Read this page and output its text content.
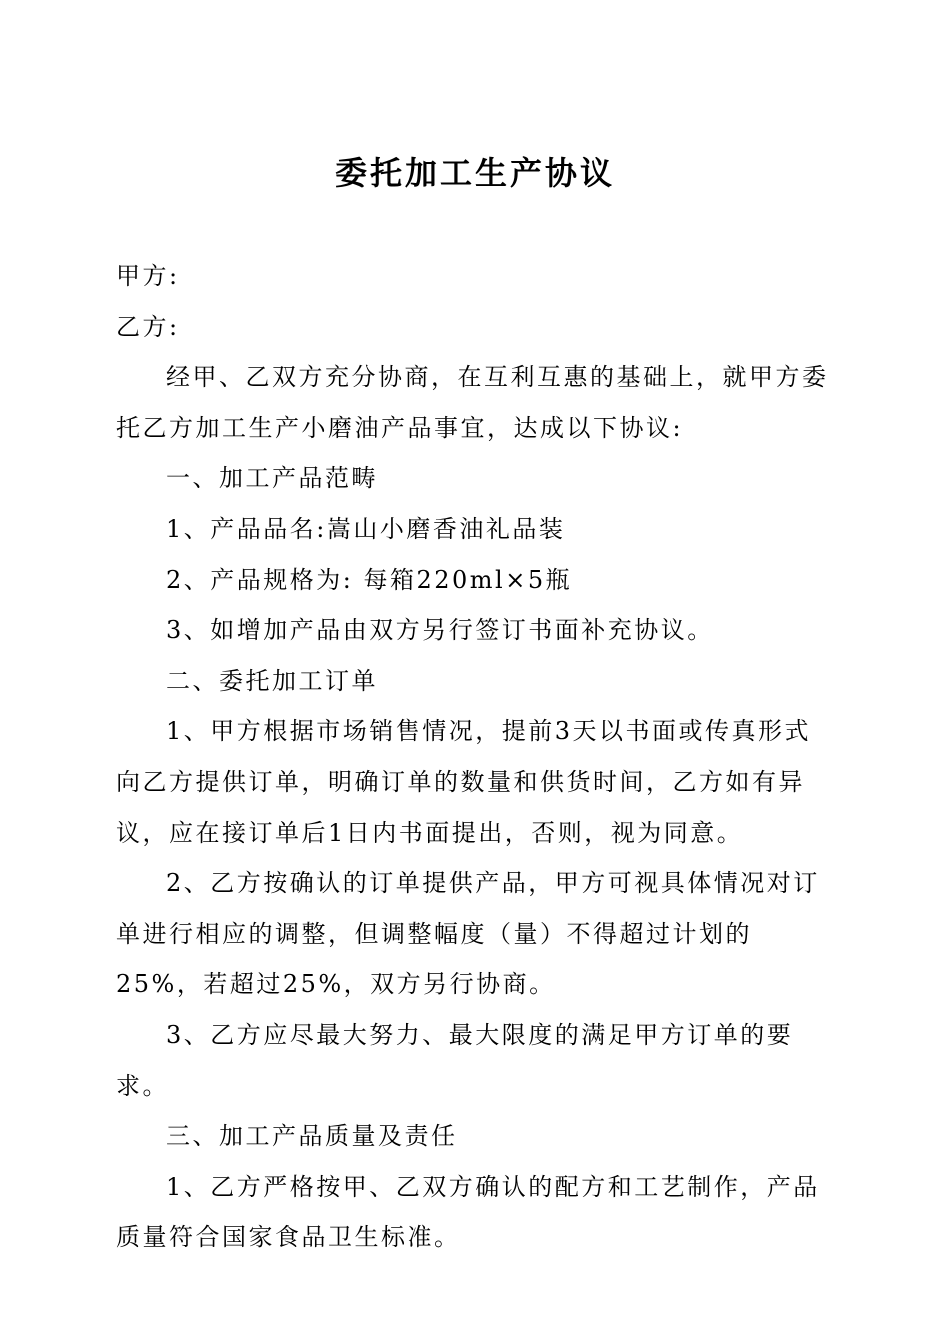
委托加工生产协议

甲方:

乙方:

经甲、乙双方充分协商，在互利互惠的基础上，就甲方委托乙方加工生产小磨油产品事宜，达成以下协议:

一、加工产品范畴

1、产品品名:嵩山小磨香油礼品装

2、产品规格为: 每箱220ml×5瓶

3、如增加产品由双方另行签订书面补充协议。

二、委托加工订单

1、甲方根据市场销售情况，提前3天以书面或传真形式向乙方提供订单，明确订单的数量和供货时间，乙方如有异议，应在接订单后1日内书面提出，否则，视为同意。

2、乙方按确认的订单提供产品，甲方可视具体情况对订单进行相应的调整，但调整幅度（量）不得超过计划的25%，若超过25%，双方另行协商。

3、乙方应尽最大努力、最大限度的满足甲方订单的要求。

三、加工产品质量及责任

1、乙方严格按甲、乙双方确认的配方和工艺制作，产品质量符合国家食品卫生标准。
